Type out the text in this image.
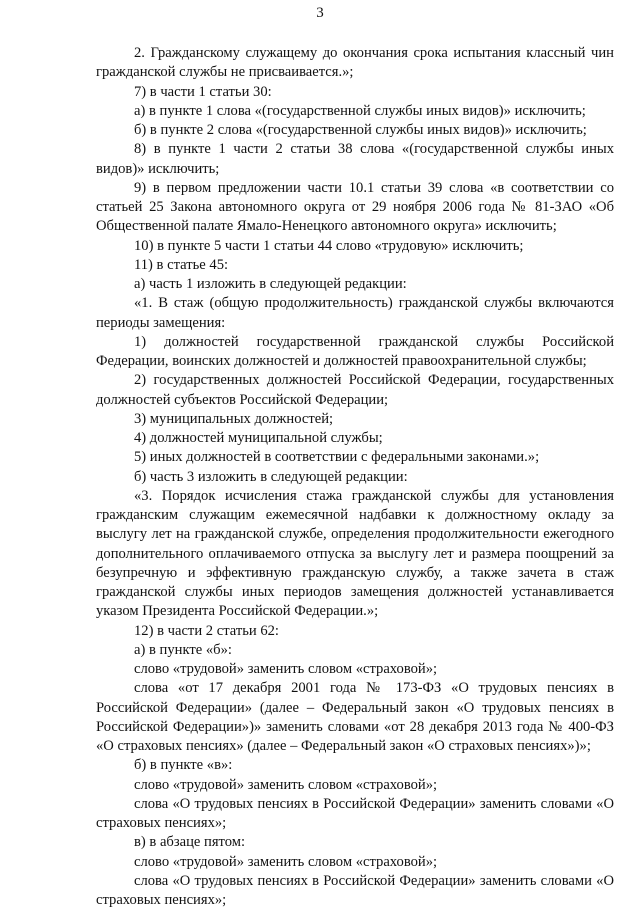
3

2. Гражданскому служащему до окончания срока испытания классный чин гражданской службы не присваивается.»;

7) в части 1 статьи 30:

а) в пункте 1 слова «(государственной службы иных видов)» исключить;

б) в пункте 2 слова «(государственной службы иных видов)» исключить;

8) в пункте 1 части 2 статьи 38 слова «(государственной службы иных видов)» исключить;

9) в первом предложении части 10.1 статьи 39 слова «в соответствии со статьей 25 Закона автономного округа от 29 ноября 2006 года № 81-ЗАО «Об Общественной палате Ямало-Ненецкого автономного округа» исключить;

10) в пункте 5 части 1 статьи 44 слово «трудовую» исключить;

11) в статье 45:

а) часть 1 изложить в следующей редакции:

«1. В стаж (общую продолжительность) гражданской службы включаются периоды замещения:

1) должностей государственной гражданской службы Российской Федерации, воинских должностей и должностей правоохранительной службы;

2) государственных должностей Российской Федерации, государственных должностей субъектов Российской Федерации;

3) муниципальных должностей;

4) должностей муниципальной службы;

5) иных должностей в соответствии с федеральными законами.»;

б) часть 3 изложить в следующей редакции:

«3. Порядок исчисления стажа гражданской службы для установления гражданским служащим ежемесячной надбавки к должностному окладу за выслугу лет на гражданской службе, определения продолжительности ежегодного дополнительного оплачиваемого отпуска за выслугу лет и размера поощрений за безупречную и эффективную гражданскую службу, а также зачета в стаж гражданской службы иных периодов замещения должностей устанавливается указом Президента Российской Федерации.»;

12) в части 2 статьи 62:

а) в пункте «б»:

слово «трудовой» заменить словом «страховой»;

слова «от 17 декабря 2001 года № 173-ФЗ «О трудовых пенсиях в Российской Федерации» (далее – Федеральный закон «О трудовых пенсиях в Российской Федерации»)» заменить словами «от 28 декабря 2013 года № 400-ФЗ «О страховых пенсиях» (далее – Федеральный закон «О страховых пенсиях»)»;

б) в пункте «в»:

слово «трудовой» заменить словом «страховой»;

слова «О трудовых пенсиях в Российской Федерации» заменить словами «О страховых пенсиях»;

в) в абзаце пятом:

слово «трудовой» заменить словом «страховой»;

слова «О трудовых пенсиях в Российской Федерации» заменить словами «О страховых пенсиях»;
